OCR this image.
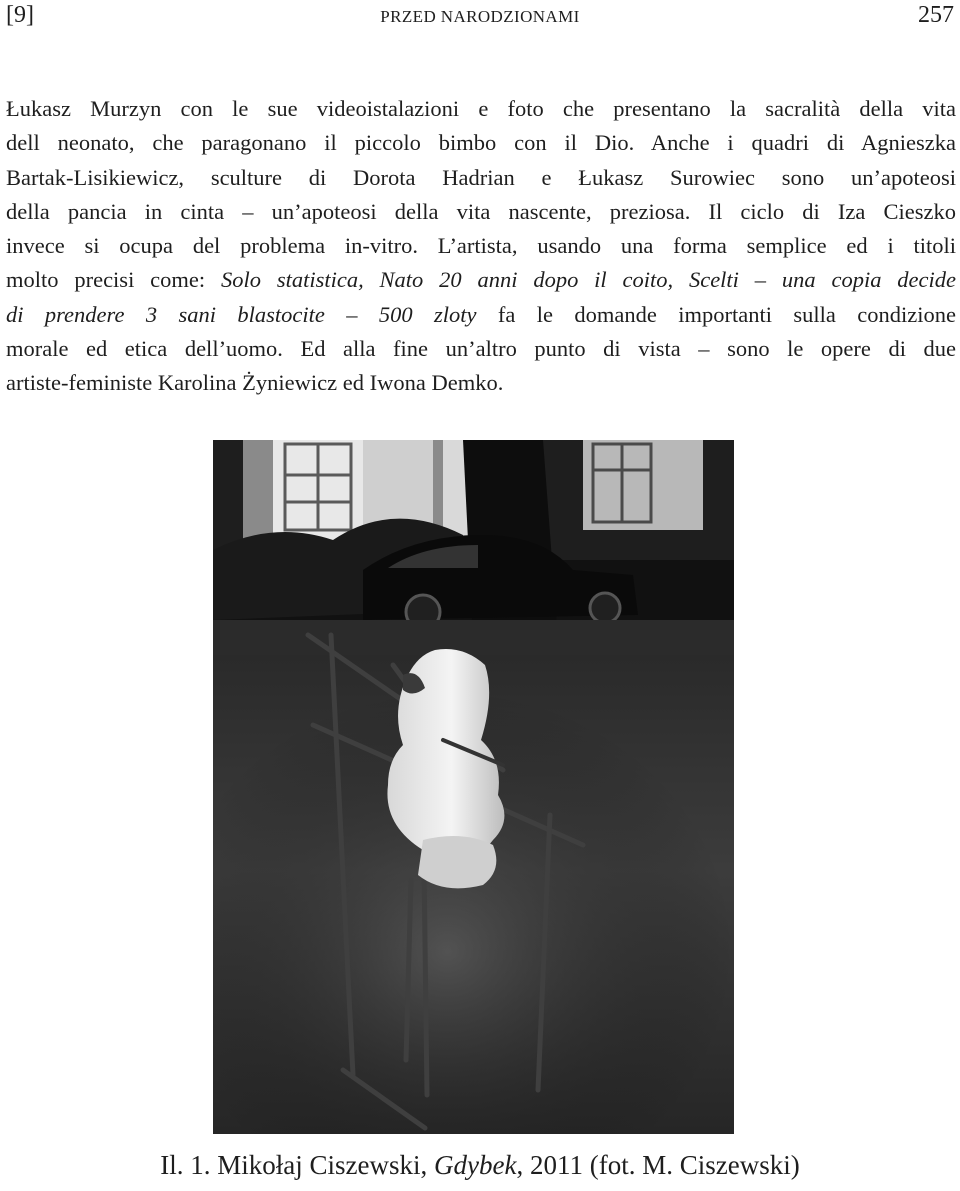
[9]	PRZED NARODZIONAMI	257
Łukasz Murzyn con le sue videoistalazioni e foto che presentano la sacralità della vita
dell neonato, che paragonano il piccolo bimbo con il Dio. Anche i quadri di Agnieszka
Bartak-Lisikiewicz, sculture di Dorota Hadrian e Łukasz Surowiec sono un’apoteosi
della pancia in cinta – un’apoteosi della vita nascente, preziosa. Il ciclo di Iza Cieszko
invece si ocupa del problema in-vitro. L’artista, usando una forma semplice ed i titoli
molto precisi come: Solo statistica, Nato 20 anni dopo il coito, Scelti – una copia decide
di prendere 3 sani blastocite – 500 zloty fa le domande importanti sulla condizione
morale ed etica dell’uomo. Ed alla fine un’altro punto di vista – sono le opere di due
artiste-feministe Karolina Żyniewicz ed Iwona Demko.
Il. 1. Mikołaj Ciszewski, Gdybek, 2011 (fot. M. Ciszewski)
